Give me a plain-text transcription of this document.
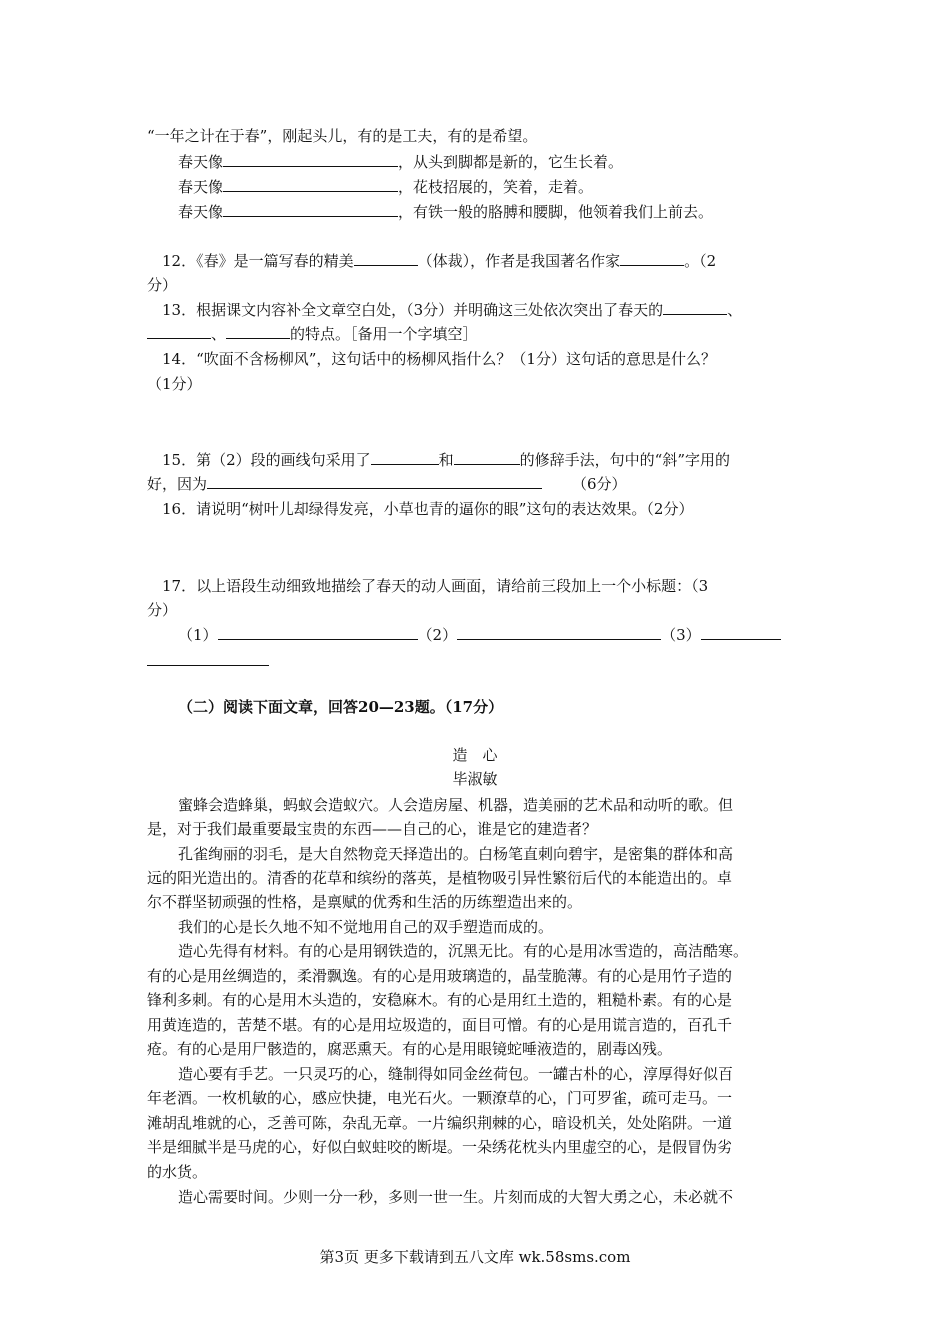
“一年之计在于春”，刚起头儿，有的是工夫，有的是希望。
春天像	，从头到脚都是新的，它生长着。
春天像	，花枝招展的，笑着，走着。
春天像	，有铁一般的胳膊和腰脚，他领着我们上前去。
12．《春》是一篇写春的精美	（体裁），作者是我国著名作家	。（2
分）
13．根据课文内容补全文章空白处，（3分）并明确这三处依次突出了春天的	、
、	的特点。［备用一个字填空］
14．“吹面不含杨柳风”，这句话中的杨柳风指什么？（1分）这句话的意思是什么？
（1分）
15．第（2）段的画线句采用了	和	的修辞手法，句中的“斜”字用的
好，因为	（6分）
16．请说明“树叶儿却绿得发亮，小草也青的逼你的眼”这句的表达效果。（2分）
17．以上语段生动细致地描绘了春天的动人画面，请给前三段加上一个小标题：（3
分）
（1）	（2）	（3）
（二）阅读下面文章，回答20—23题。（17分）
造　心
毕淑敏
蜜蜂会造蜂巢，蚂蚁会造蚁穴。人会造房屋、机器，造美丽的艺术品和动听的歌。但
是，对于我们最重要最宝贵的东西——自己的心，谁是它的建造者？
孔雀绚丽的羽毛，是大自然物竞天择造出的。白杨笔直刺向碧宇，是密集的群体和高
远的阳光造出的。清香的花草和缤纷的落英，是植物吸引异性繁衍后代的本能造出的。卓
尔不群坚韧顽强的性格，是禀赋的优秀和生活的历练塑造出来的。
我们的心是长久地不知不觉地用自己的双手塑造而成的。
造心先得有材料。有的心是用钢铁造的，沉黑无比。有的心是用冰雪造的，高洁酷寒。
有的心是用丝绸造的，柔滑飘逸。有的心是用玻璃造的，晶莹脆薄。有的心是用竹子造的
锋利多刺。有的心是用木头造的，安稳麻木。有的心是用红土造的，粗糙朴素。有的心是
用黄连造的，苦楚不堪。有的心是用垃圾造的，面目可憎。有的心是用谎言造的，百孔千
疮。有的心是用尸骸造的，腐恶熏天。有的心是用眼镜蛇唾液造的，剧毒凶残。
造心要有手艺。一只灵巧的心，缝制得如同金丝荷包。一罐古朴的心，淳厚得好似百
年老酒。一枚机敏的心，感应快捷，电光石火。一颗潦草的心，门可罗雀，疏可走马。一
滩胡乱堆就的心，乏善可陈，杂乱无章。一片编织荆棘的心，暗设机关，处处陷阱。一道
半是细腻半是马虎的心，好似白蚁蛀咬的断堤。一朵绣花枕头内里虚空的心，是假冒伪劣
的水货。
造心需要时间。少则一分一秒，多则一世一生。片刻而成的大智大勇之心，未必就不
第3页 更多下载请到五八文库 wk.58sms.com
